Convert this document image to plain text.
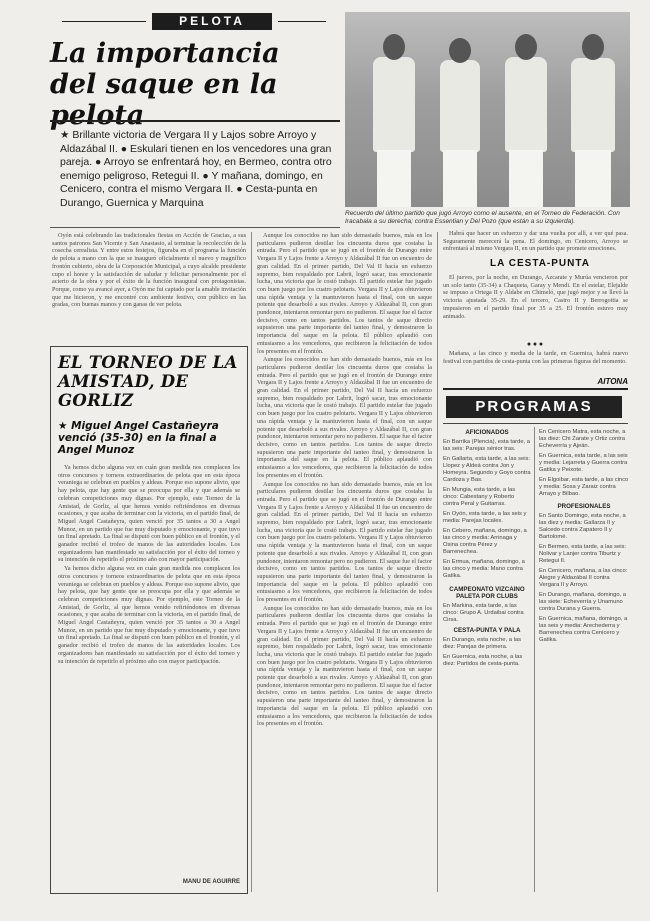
PELOTA
La importancia del saque en la pelota
Recuerdo del último partido que jugó Arroyo como el ausente, en el Torneo de Federación. Con Iracabala a su derecha; contra Essentian y Del Pozo (que están a su izquierda).
★ Brillante victoria de Vergara II y Lajos sobre Arroyo y Aldazábal II. ● Eskulari tienen en los vencedores una gran pareja. ● Arroyo se enfrentará hoy, en Bermeo, contra otro enemigo peligroso, Retegui II. ● Y mañana, domingo, en Cenicero, contra el mismo Vergara II. ● Cesta-punta en Durango, Guernica y Marquina

Oyón está celebrando las tradicionales fiestas en Acción de Gracias, a sus santos patronos San Vicente y San Anastasio, al terminar la recolección de la cosecha cerealista. Y entre estos festejos, figuraba en el programa la función de pelota a mano con la que se inauguró oficialmente el nuevo y magnífico frontón cubierto, obra de la Corporación Municipal, a cuyo alcalde presidente cupo el honor y la satisfacción de saludar y felicitar personalmente por el acierto de la obra y por el éxito de la función inaugural con protagonistas. Porque, como ya avancé ayer, a Oyón me fui captado por la amable invitación que me hicieron, y me encontré con ambiente festivo, con público en las gradas, con buenas manos y con ganas de ver pelota.

EL TORNEO DE LA AMISTAD, DE GORLIZ
★ Miguel Angel Castañeyra venció (35-30) en la final a Angel Munoz

Ya hemos dicho alguna vez en cuán gran medida nos complacen los otros concursos y torneos extraordinarios de pelota que en esta época veraniega se celebran en pueblos y aldeas. Porque eso supone alivio, que hay pelota, que hay gente que se preocupa por ella y que además se celebran competiciones muy dignas. Por ejemplo, este Torneo de la Amistad, de Gorliz, al que hemos venido refiriéndonos en diversas ocasiones, y que acaba de terminar con la victoria, en el partido final, de Miguel Angel Castañeyra, quien venció por 35 tantos a 30 a Angel Munoz, en un partido que fue muy disputado y emocionante, y que tuvo un final apretado. La final se disputó con buen público en el frontón, y el ganador recibió el trofeo de manos de las autoridades locales. Los organizadores han manifestado su satisfacción por el éxito del torneo y su intención de repetirlo el próximo año con mayor participación.

Ya hemos dicho alguna vez en cuán gran medida nos complacen los otros concursos y torneos extraordinarios de pelota que en esta época veraniega se celebran en pueblos y aldeas. Porque eso supone alivio, que hay pelota, que hay gente que se preocupa por ella y que además se celebran competiciones muy dignas. Por ejemplo, este Torneo de la Amistad, de Gorliz, al que hemos venido refiriéndonos en diversas ocasiones, y que acaba de terminar con la victoria, en el partido final, de Miguel Angel Castañeyra, quien venció por 35 tantos a 30 a Angel Munoz, en un partido que fue muy disputado y emocionante, y que tuvo un final apretado. La final se disputó con buen público en el frontón, y el ganador recibió el trofeo de manos de las autoridades locales. Los organizadores han manifestado su satisfacción por el éxito del torneo y su intención de repetirlo el próximo año con mayor participación.

MANU DE AGUIRRE

Aunque los conocidos no han sido demasiado buenos, más en los particulares pudieron destilar los cincuenta duros que costaba la entrada. Pero el partido que se jugó en el frontón de Durango entre Vergara II y Lajos frente a Arroyo y Aldazábal II fue un encuentro de gran calidad. En el primer partido, Del Val II hacía un esfuerzo supremo, bien respaldado por Labrit, logró sacar, tras emocionante lucha, una victoria que le costó trabajo. El partido estelar fue jugado con buen juego por los cuatro pelotaris. Vergara II y Lajos obtuvieron una rápida ventaja y la mantuvieron hasta el final, con un saque potente que desarboló a sus rivales. Arroyo y Aldazábal II, con gran pundonor, intentaron remontar pero no pudieron. El saque fue el factor decisivo, como en tantos partidos. Los tantos de saque directo supusieron una parte importante del tanteo final, y demostraron la importancia del saque en la pelota. El público aplaudió con entusiasmo a los vencedores, que recibieron la felicitación de todos los presentes en el frontón.

Aunque los conocidos no han sido demasiado buenos, más en los particulares pudieron destilar los cincuenta duros que costaba la entrada. Pero el partido que se jugó en el frontón de Durango entre Vergara II y Lajos frente a Arroyo y Aldazábal II fue un encuentro de gran calidad. En el primer partido, Del Val II hacía un esfuerzo supremo, bien respaldado por Labrit, logró sacar, tras emocionante lucha, una victoria que le costó trabajo. El partido estelar fue jugado con buen juego por los cuatro pelotaris. Vergara II y Lajos obtuvieron una rápida ventaja y la mantuvieron hasta el final, con un saque potente que desarboló a sus rivales. Arroyo y Aldazábal II, con gran pundonor, intentaron remontar pero no pudieron. El saque fue el factor decisivo, como en tantos partidos. Los tantos de saque directo supusieron una parte importante del tanteo final, y demostraron la importancia del saque en la pelota. El público aplaudió con entusiasmo a los vencedores, que recibieron la felicitación de todos los presentes en el frontón.

Aunque los conocidos no han sido demasiado buenos, más en los particulares pudieron destilar los cincuenta duros que costaba la entrada. Pero el partido que se jugó en el frontón de Durango entre Vergara II y Lajos frente a Arroyo y Aldazábal II fue un encuentro de gran calidad. En el primer partido, Del Val II hacía un esfuerzo supremo, bien respaldado por Labrit, logró sacar, tras emocionante lucha, una victoria que le costó trabajo. El partido estelar fue jugado con buen juego por los cuatro pelotaris. Vergara II y Lajos obtuvieron una rápida ventaja y la mantuvieron hasta el final, con un saque potente que desarboló a sus rivales. Arroyo y Aldazábal II, con gran pundonor, intentaron remontar pero no pudieron. El saque fue el factor decisivo, como en tantos partidos. Los tantos de saque directo supusieron una parte importante del tanteo final, y demostraron la importancia del saque en la pelota. El público aplaudió con entusiasmo a los vencedores, que recibieron la felicitación de todos los presentes en el frontón.

Aunque los conocidos no han sido demasiado buenos, más en los particulares pudieron destilar los cincuenta duros que costaba la entrada. Pero el partido que se jugó en el frontón de Durango entre Vergara II y Lajos frente a Arroyo y Aldazábal II fue un encuentro de gran calidad. En el primer partido, Del Val II hacía un esfuerzo supremo, bien respaldado por Labrit, logró sacar, tras emocionante lucha, una victoria que le costó trabajo. El partido estelar fue jugado con buen juego por los cuatro pelotaris. Vergara II y Lajos obtuvieron una rápida ventaja y la mantuvieron hasta el final, con un saque potente que desarboló a sus rivales. Arroyo y Aldazábal II, con gran pundonor, intentaron remontar pero no pudieron. El saque fue el factor decisivo, como en tantos partidos. Los tantos de saque directo supusieron una parte importante del tanteo final, y demostraron la importancia del saque en la pelota. El público aplaudió con entusiasmo a los vencedores, que recibieron la felicitación de todos los presentes en el frontón.

Habrá que hacer un esfuerzo y dar una vuelta por allí, a ver qué pasa. Seguramente merecerá la pena. El domingo, en Cenicero, Arroyo se enfrentará al mismo Vergara II, en un partido que promete emociones.

LA CESTA-PUNTA

El jueves, por la noche, en Durango, Azcarate y Murúa vencieron por un solo tanto (35-34) a Chaqueta, Garay y Mendi. En el estelar, Elejalde se impuso a Ortega II y Aldabe en Chimeló, que jugó mejor y se llevó la victoria ajustada 35-29. En el tercero, Castro II y Berrogoitia se impusieron en el partido final por 35 a 25. El frontón estuvo muy animado.

● ● ●

Mañana, a las cinco y media de la tarde, en Guernica, habrá nuevo festival con partidos de cesta-punta con las primeras figuras del momento.

AITONA
PROGRAMAS
AFICIONADOS
En Barrika (Plencia), esta tarde, a las seis: Parejas sénior tras.
En Gallarta, esta tarde, a las seis: Llopez y Aldeá contra Jon y Homeyra. Segundo y Goyo contra Cardoza y Bas.
En Mungia, esta tarde, a las cinco: Cabestany y Roberto contra Peral y Guitarras.
En Oyón, esta tarde, a las seis y media: Parejas locales.
En Cebero, mañana, domingo, a las cinco y media: Arrinaga y Osina contra Pérez y Barrenechea.
En Ermua, mañana, domingo, a las cinco y media: Mano contra Gatika.
CAMPEONATO VIZCAINO PALETA POR CLUBS
En Markina, esta tarde, a las cinco: Grupo A. Urdaibai contra Cirsa.
CESTA-PUNTA Y PALA
En Durango, esta noche, a las diez: Parejas de primera.
En Guernica, esta noche, a las diez: Partidos de cesta-punta.
En Cenicero Matra, esta noche, a las diez: Chi Zarate y Ortiz contra Echeverría y Ajeán.
En Guernica, esta tarde, a las seis y media: Lejarreta y Guerra contra Gatika y Peixote.
En Elgoibar, esta tarde, a las cinco y media: Sosa y Zaraiz contra Arrayo y Bilbao.
PROFESIONALES
En Santo Domingo, esta noche, a las diez y media: Gallarza II y Salcedo contra Zapatero II y Bartolomé.
En Bermeo, esta tarde, a las seis: Nolivar y Lanjer contra Tiburtz y Retegui II.
En Cenicero, mañana, a las cinco: Alegre y Aldazábal II contra Vergara II y Arroyo.
En Durango, mañana, domingo, a las siete: Echeverría y Unamuno contra Durana y Guerra.
En Guernica, mañana, domingo, a las seis y media: Arechederra y Barrenechea contra Cenicero y Gatika.
